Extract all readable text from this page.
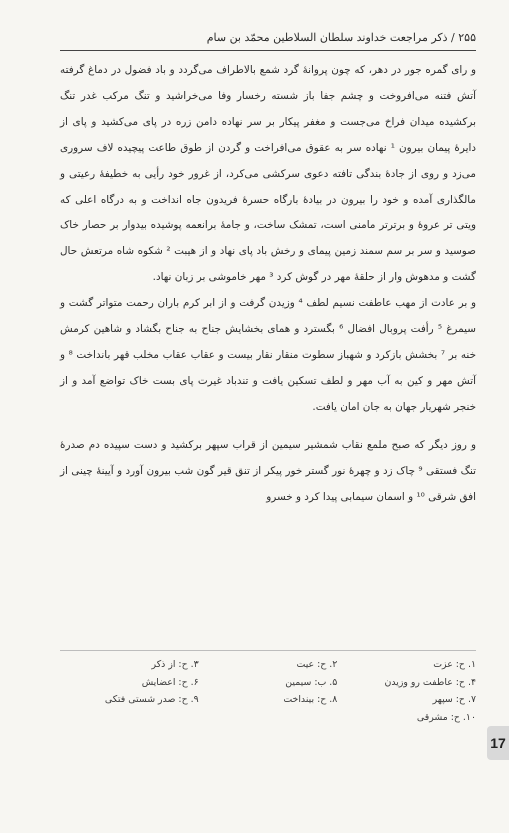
۲۵۵ / ذکر مراجعت خداوند سلطان السلاطین محمّد بن سام

و رای گمره جور در دهر، که چون پروانهٔ گرد شمع بالاطراف می‌گردد و باد فضول در دماغ گرفته آتش فتنه می‌افروخت و چشم جفا باز شسته رخسار وفا می‌خراشید و تنگ مرکب غدر تنگ برکشیده میدان فراخ می‌جست و مغفر پیکار بر سر نهاده دامن زره در پای می‌کشید و پای از دایرهٔ پیمان بیرون ¹ نهاده سر به عقوق می‌افراخت و گردن از طوق طاعت پیچیده لاف سروری می‌زد و روی از جادهٔ بندگی تافته دعوی سرکشی می‌کرد، از غرور خود رأیی به خطیفهٔ رعیتی و مالگذاری آمده و خود را بیرون در بیادهٔ بارگاه حسرهٔ فریدون جاه انداخت و به درگاه اعلی که ویتی تر عروهٔ و برترتر مامنی است، تمشک ساخت، و جامهٔ برانعمه پوشیده بیدوار بر حصار خاک صوسید و سر بر سم سمند زمین پیمای و رخش باد پای نهاد و از هیبت ² شکوه شاه مرتعش حال گشت و مدهوش وار از حلقهٔ مهر در گوش کرد ³ مهر خاموشی بر زبان نهاد.

و بر عادت از مهب عاطفت نسیم لطف ⁴ وزیدن گرفت و از ابر کرم باران رحمت متواتر گشت و سیمرغ ⁵ رأفت پروبال افضال ⁶ بگسترد و همای بخشایش جناح به جناح بگشاد و شاهین کرمش خنه بر ⁷ بخشش بازکرد و شهباز سطوت منقار نقار بیست و عقاب عقاب مخلب قهر بانداخت ⁸ و آتش مهر و کین به آب مهر و لطف تسکین یافت و تندباد غیرت پای بست خاک تواضع آمد و از خنجر شهریار جهان به جان امان یافت.

و روز دیگر که صبح ملمع نقاب شمشیر سیمین از قراب سپهر برکشید و دست سپیده دم صدرهٔ تنگ فستقی ⁹ چاک زد و چهرهٔ نور گستر خور پیکر از تنق قیر گون شب بیرون آورد و آیینهٔ چینی از افق شرقی ¹⁰ و اسمان سیمابی پیدا کرد و خسرو

۱. ح: عزت
۲. ح: عیت
۳. ح: از ذکر
۴. ح: عاطفت رو وزیدن
۵. ب: سیمین
۶. ح: اعضایش
۷. ح: سپهر
۸. ح: بینداخت
۹. ح: صدر شستی فتکی
۱۰. ح: مشرقی
17
